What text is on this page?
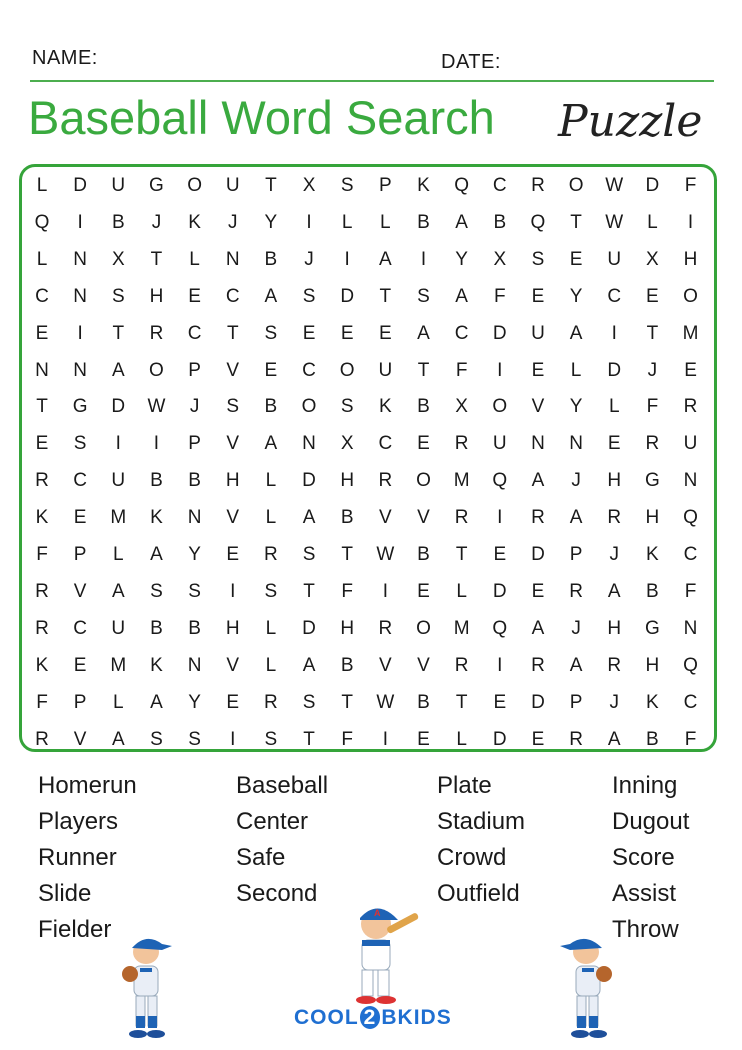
NAME:	DATE:
Baseball Word Search Puzzle
L	D	U	G	O	U	T	X	S	P	K	Q	C	R	O	W	D	F
Q	I	B	J	K	J	Y	I	L	L	B	A	B	Q	T	W	L	I
L	N	X	T	L	N	B	J	I	A	I	Y	X	S	E	U	X	H
C	N	S	H	E	C	A	S	D	T	S	A	F	E	Y	C	E	O
E	I	T	R	C	T	S	E	E	E	A	C	D	U	A	I	T	M
N	N	A	O	P	V	E	C	O	U	T	F	I	E	L	D	J	E
T	G	D	W	J	S	B	O	S	K	B	X	O	V	Y	L	F	R
E	S	I	I	P	V	A	N	X	C	E	R	U	N	N	E	R	U
R	C	U	B	B	H	L	D	H	R	O	M	Q	A	J	H	G	N
K	E	M	K	N	V	L	A	B	V	V	R	I	R	A	R	H	Q
F	P	L	A	Y	E	R	S	T	W	B	T	E	D	P	J	K	C
R	V	A	S	S	I	S	T	F	I	E	L	D	E	R	A	B	F
R	C	U	B	B	H	L	D	H	R	O	M	Q	A	J	H	G	N
K	E	M	K	N	V	L	A	B	V	V	R	I	R	A	R	H	Q
F	P	L	A	Y	E	R	S	T	W	B	T	E	D	P	J	K	C
R	V	A	S	S	I	S	T	F	I	E	L	D	E	R	A	B	F
Homerun	Baseball	Plate	Inning
Players	Center	Stadium	Dugout
Runner	Safe	Crowd	Score
Slide	Second	Outfield	Assist
Fielder	Throw
A
COOL 2 BKIDS
